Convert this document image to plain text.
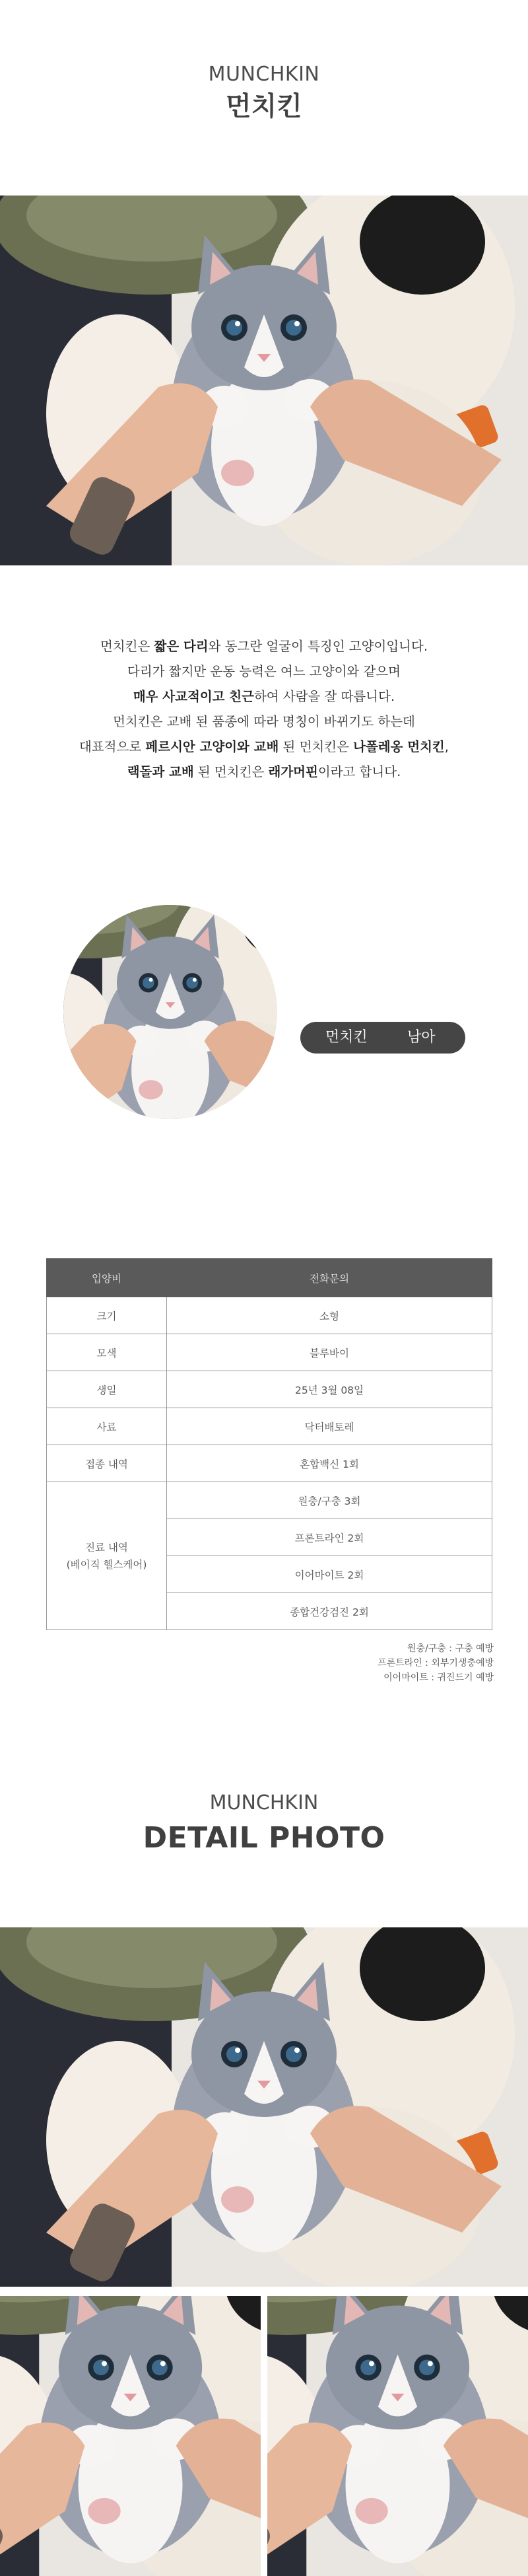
MUNCHKIN
먼치킨
먼치킨은 짧은 다리와 동그란 얼굴이 특징인 고양이입니다.
다리가 짧지만 운동 능력은 여느 고양이와 같으며
매우 사교적이고 친근하여 사람을 잘 따릅니다.
먼치킨은 교배 된 품종에 따라 명칭이 바뀌기도 하는데
대표적으로 페르시안 고양이와 교배 된 먼치킨은 나폴레옹 먼치킨,
랙돌과 교배 된 먼치킨은 래가머핀이라고 합니다.
먼치킨	남아
입양비	전화문의
크기	소형
모색	블루바이
생일	25년 3월 08일
사료	닥터배토레
접종 내역	혼합백신 1회
진료 내역
(베이직 헬스케어)	원충/구충 3회
	프론트라인 2회
	이어마이트 2회
	종합건강검진 2회
원충/구충 : 구충 예방
프론트라인 : 외부기생충예방
이어마이트 : 귀진드기 예방
MUNCHKIN
DETAIL PHOTO
